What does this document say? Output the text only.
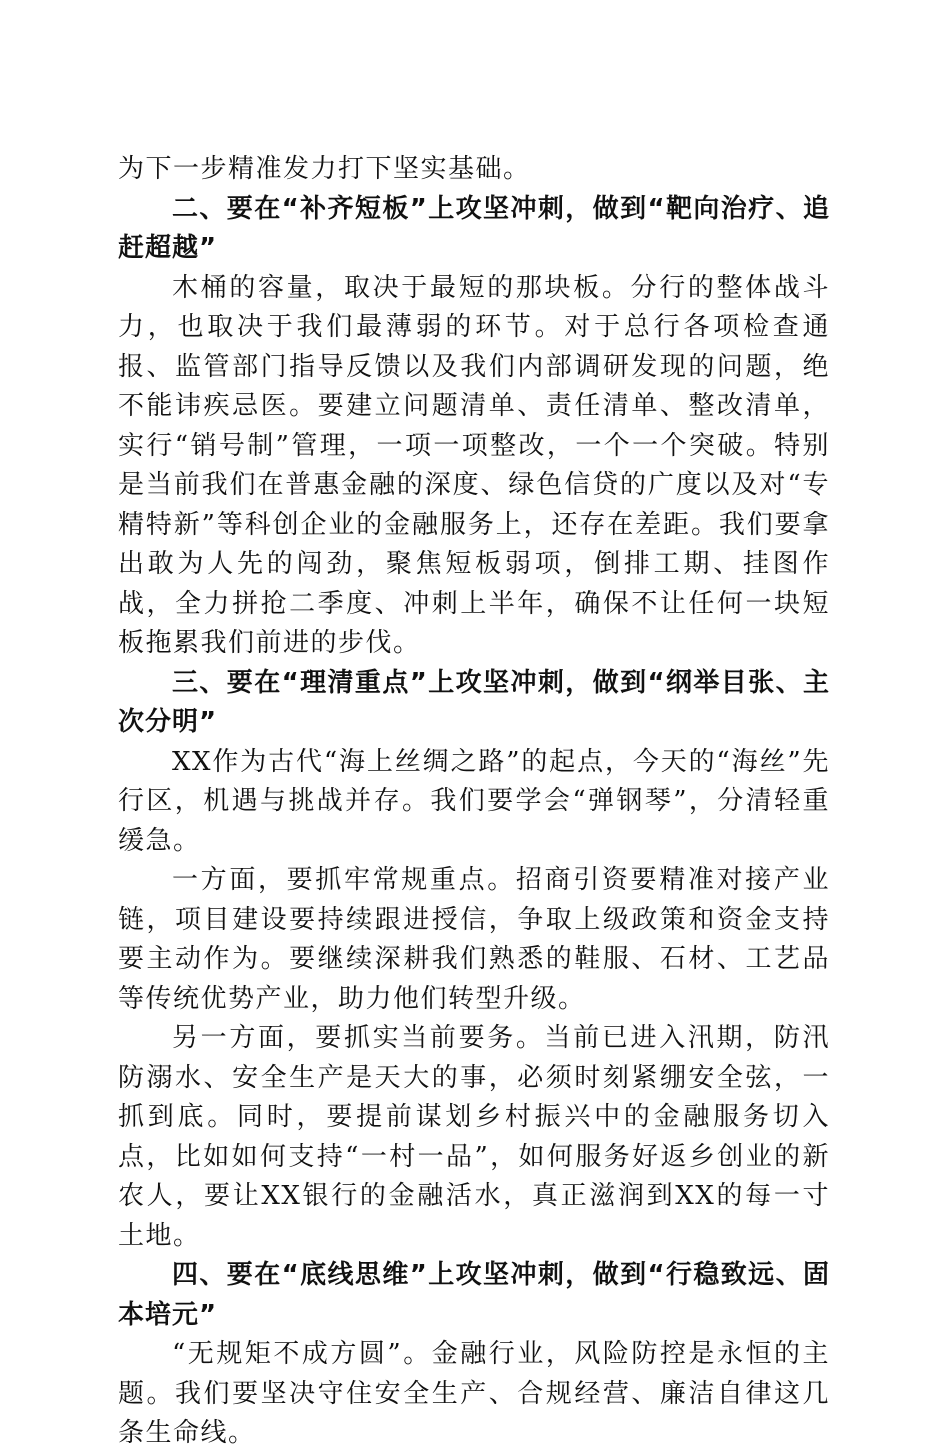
为下一步精准发力打下坚实基础。

二、要在“补齐短板”上攻坚冲刺，做到“靶向治疗、追赶超越”

木桶的容量，取决于最短的那块板。分行的整体战斗力，也取决于我们最薄弱的环节。对于总行各项检查通报、监管部门指导反馈以及我们内部调研发现的问题，绝不能讳疾忌医。要建立问题清单、责任清单、整改清单，实行“销号制”管理，一项一项整改，一个一个突破。特别是当前我们在普惠金融的深度、绿色信贷的广度以及对“专精特新”等科创企业的金融服务上，还存在差距。我们要拿出敢为人先的闯劲，聚焦短板弱项，倒排工期、挂图作战，全力拼抢二季度、冲刺上半年，确保不让任何一块短板拖累我们前进的步伐。

三、要在“理清重点”上攻坚冲刺，做到“纲举目张、主次分明”

XX作为古代“海上丝绸之路”的起点，今天的“海丝”先行区，机遇与挑战并存。我们要学会“弹钢琴”，分清轻重缓急。

一方面，要抓牢常规重点。招商引资要精准对接产业链，项目建设要持续跟进授信，争取上级政策和资金支持要主动作为。要继续深耕我们熟悉的鞋服、石材、工艺品等传统优势产业，助力他们转型升级。

另一方面，要抓实当前要务。当前已进入汛期，防汛防溺水、安全生产是天大的事，必须时刻紧绷安全弦，一抓到底。同时，要提前谋划乡村振兴中的金融服务切入点，比如如何支持“一村一品”，如何服务好返乡创业的新农人，要让XX银行的金融活水，真正滋润到XX的每一寸土地。

四、要在“底线思维”上攻坚冲刺，做到“行稳致远、固本培元”

“无规矩不成方圆”。金融行业，风险防控是永恒的主题。我们要坚决守住安全生产、合规经营、廉洁自律这几条生命线。
